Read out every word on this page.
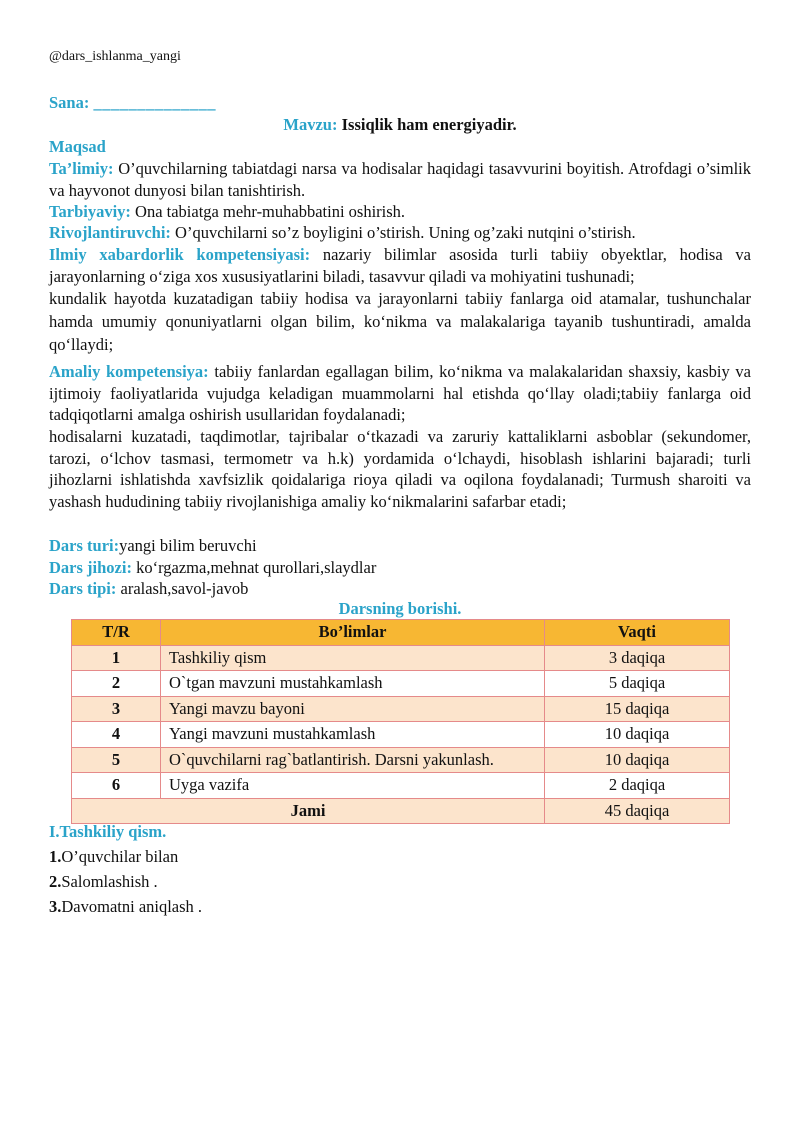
@dars_ishlanma_yangi
Sana: ______________
Mavzu: Issiqlik ham energiyadir.
Maqsad
Ta’limiy: O’quvchilarning tabiatdagi narsa va hodisalar haqidagi tasavvurini boyitish. Atrofdagi o’simlik va hayvonot dunyosi bilan tanishtirish.
Tarbiyaviy: Ona tabiatga mehr-muhabbatini oshirish.
Rivojlantiruvchi: O’quvchilarni so’z boyligini o’stirish. Uning og’zaki nutqini o’stirish.
Ilmiy xabardorlik kompetensiyasi: nazariy bilimlar asosida turli tabiiy obyektlar, hodisa va jarayonlarning o‘ziga xos xususiyatlarini biladi, tasavvur qiladi va mohiyatini tushunadi;
kundalik hayotda kuzatadigan tabiiy hodisa va jarayonlarni tabiiy fanlarga oid atamalar, tushunchalar hamda umumiy qonuniyatlarni olgan bilim, ko‘nikma va malakalariga tayanib tushuntiradi, amalda qo‘llaydi;
Amaliy kompetensiya: tabiiy fanlardan egallagan bilim, ko‘nikma va malakalaridan shaxsiy, kasbiy va ijtimoiy faoliyatlarida vujudga keladigan muammolarni hal etishda qo‘llay oladi;tabiiy fanlarga oid tadqiqotlarni amalga oshirish usullaridan foydalanadi;
hodisalarni kuzatadi, taqdimotlar, tajribalar o‘tkazadi va zaruriy kattaliklarni asboblar (sekundomer, tarozi, o‘lchov tasmasi, termometr va h.k) yordamida o‘lchaydi, hisoblash ishlarini bajaradi; turli jihozlarni ishlatishda xavfsizlik qoidalariga rioya qiladi va oqilona foydalanadi; Turmush sharoiti va yashash hududining tabiiy rivojlanishiga amaliy ko‘nikmalarini safarbar etadi;
Dars turi:yangi bilim beruvchi
Dars jihozi: ko‘rgazma,mehnat qurollari,slaydlar
Dars tipi: aralash,savol-javob
Darsning borishi.
T/R	Bo’limlar	Vaqti
1	Tashkiliy qism	3 daqiqa
2	O`tgan mavzuni mustahkamlash	5 daqiqa
3	Yangi mavzu bayoni	15 daqiqa
4	Yangi mavzuni mustahkamlash	10 daqiqa
5	O`quvchilarni rag`batlantirish. Darsni yakunlash.	10 daqiqa
6	Uyga vazifa	2 daqiqa
Jami		45 daqiqa
I.Tashkiliy qism.
1.O’quvchilar bilan
2.Salomlashish .
3.Davomatni aniqlash .
